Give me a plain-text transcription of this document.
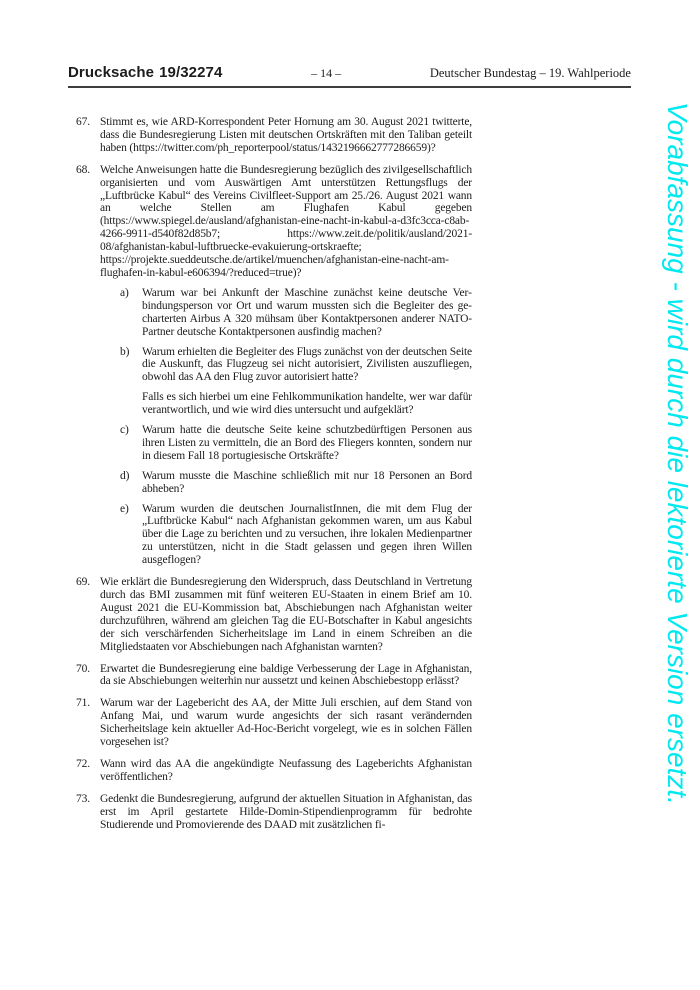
Drucksache 19/32274	– 14 –	Deutscher Bundestag – 19. Wahlperiode
67. Stimmt es, wie ARD-Korrespondent Peter Hornung am 30. August 2021 twitterte, dass die Bundesregierung Listen mit deutschen Ortskräften mit den Taliban geteilt haben (https://twitter.com/ph_reporterpool/status/1432196662777286659)?

68. Welche Anweisungen hatte die Bundesregierung bezüglich des zivilgesellschaftlich organisierten und vom Auswärtigen Amt unterstützen Rettungsflugs der „Luftbrücke Kabul“ des Vereins Civilfleet-Support am 25./26. August 2021 wann an welche Stellen am Flughafen Kabul gegeben (https://www.spiegel.de/ausland/afghanistan-eine-nacht-in-kabul-a-d3fc3cca-c8ab-4266-9911-d540f82d85b7; https://www.zeit.de/politik/ausland/2021-08/afghanistan-kabul-luftbruecke-evakuierung-ortskraefte; https://projekte.sueddeutsche.de/artikel/muenchen/afghanistan-eine-nacht-am-flughafen-in-kabul-e606394/?reduced=true)?

a)	Warum war bei Ankunft der Maschine zunächst keine deutsche Verbindungsperson vor Ort und warum mussten sich die Begleiter des gecharterten Airbus A 320 mühsam über Kontaktpersonen anderer NATO-Partner deutsche Kontaktpersonen ausfindig machen?

b)	Warum erhielten die Begleiter des Flugs zunächst von der deutschen Seite die Auskunft, das Flugzeug sei nicht autorisiert, Zivilisten auszufliegen, obwohl das AA den Flug zuvor autorisiert hatte?

Falls es sich hierbei um eine Fehlkommunikation handelte, wer war dafür verantwortlich, und wie wird dies untersucht und aufgeklärt?

c)	Warum hatte die deutsche Seite keine schutzbedürftigen Personen aus ihren Listen zu vermitteln, die an Bord des Fliegers konnten, sondern nur in diesem Fall 18 portugiesische Ortskräfte?

d)	Warum musste die Maschine schließlich mit nur 18 Personen an Bord abheben?

e)	Warum wurden die deutschen JournalistInnen, die mit dem Flug der „Luftbrücke Kabul“ nach Afghanistan gekommen waren, um aus Kabul über die Lage zu berichten und zu versuchen, ihre lokalen Medienpartner zu unterstützen, nicht in die Stadt gelassen und gegen ihren Willen ausgeflogen?

69. Wie erklärt die Bundesregierung den Widerspruch, dass Deutschland in Vertretung durch das BMI zusammen mit fünf weiteren EU-Staaten in einem Brief am 10. August 2021 die EU-Kommission bat, Abschiebungen nach Afghanistan weiter durchzuführen, während am gleichen Tag die EU-Botschafter in Kabul angesichts der sich verschärfenden Sicherheitslage im Land in einem Schreiben an die Mitgliedstaaten vor Abschiebungen nach Afghanistan warnten?

70. Erwartet die Bundesregierung eine baldige Verbesserung der Lage in Afghanistan, da sie Abschiebungen weiterhin nur aussetzt und keinen Abschiebestopp erlässt?

71. Warum war der Lagebericht des AA, der Mitte Juli erschien, auf dem Stand von Anfang Mai, und warum wurde angesichts der sich rasant verändernden Sicherheitslage kein aktueller Ad-Hoc-Bericht vorgelegt, wie es in solchen Fällen vorgesehen ist?

72. Wann wird das AA die angekündigte Neufassung des Lageberichts Afghanistan veröffentlichen?

73. Gedenkt die Bundesregierung, aufgrund der aktuellen Situation in Afghanistan, das erst im April gestartete Hilde-Domin-Stipendienprogramm für bedrohte Studierende und Promovierende des DAAD mit zusätzlichen fi-

Vorabfassung - wird durch die lektorierte Version ersetzt.
